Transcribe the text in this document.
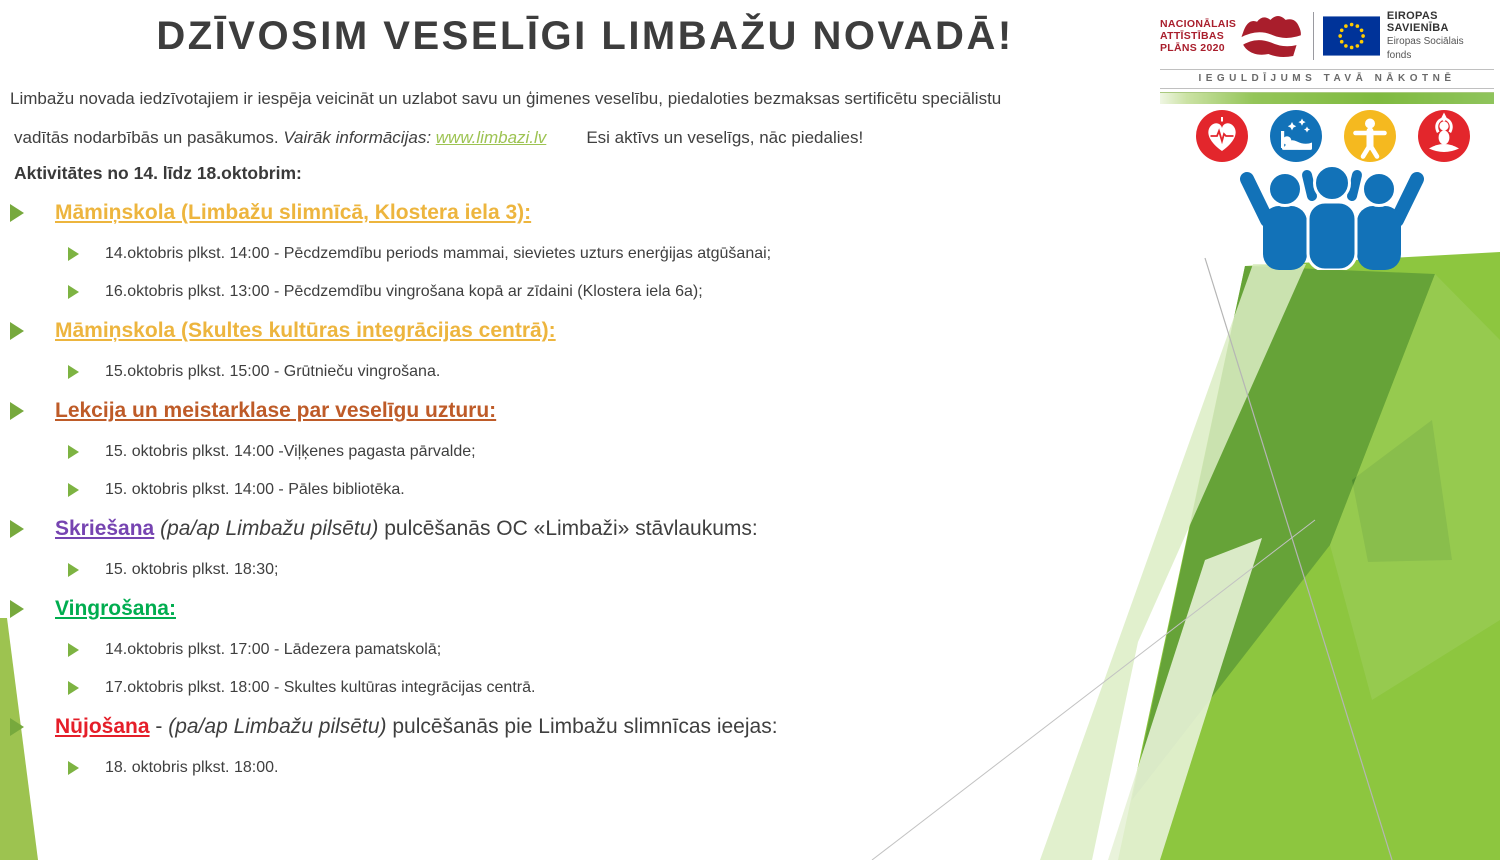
DZĪVOSIM VESELĪGI LIMBAŽU NOVADĀ!
Limbažu novada iedzīvotajiem ir iespēja veicināt un uzlabot savu un ģimenes veselību, piedaloties bezmaksas sertificētu speciālistu
vadītās nodarbībās un pasākumos. Vairāk informācijas: www.limbazi.lv Esi aktīvs un veselīgs, nāc piedalies!
Aktivitātes no 14. līdz 18.oktobrim:
Māmiņskola (Limbažu slimnīcā, Klostera iela 3):
14.oktobris plkst. 14:00 - Pēcdzemdību periods mammai, sievietes uzturs enerģijas atgūšanai;
16.oktobris plkst. 13:00 - Pēcdzemdību vingrošana kopā ar zīdaini (Klostera iela 6a);
Māmiņskola (Skultes kultūras integrācijas centrā):
15.oktobris plkst. 15:00 - Grūtnieču vingrošana.
Lekcija un meistarklase par veselīgu uzturu:
15. oktobris plkst. 14:00 -Viļķenes pagasta pārvalde;
15. oktobris plkst. 14:00 - Pāles bibliotēka.
Skriešana (pa/ap Limbažu pilsētu) pulcēšanās OC «Limbaži» stāvlaukums:
15. oktobris plkst. 18:30;
Vingrošana:
14.oktobris plkst. 17:00 - Lādezera pamatskolā;
17.oktobris plkst. 18:00 - Skultes kultūras integrācijas centrā.
Nūjošana - (pa/ap Limbažu pilsētu) pulcēšanās pie Limbažu slimnīcas ieejas:
18. oktobris plkst. 18:00.
NACIONĀLAIS
ATTĪSTĪBAS
PLĀNS 2020
EIROPAS SAVIENĪBA
Eiropas Sociālais
fonds
IEGULDĪJUMS TAVĀ NĀKOTNĒ
